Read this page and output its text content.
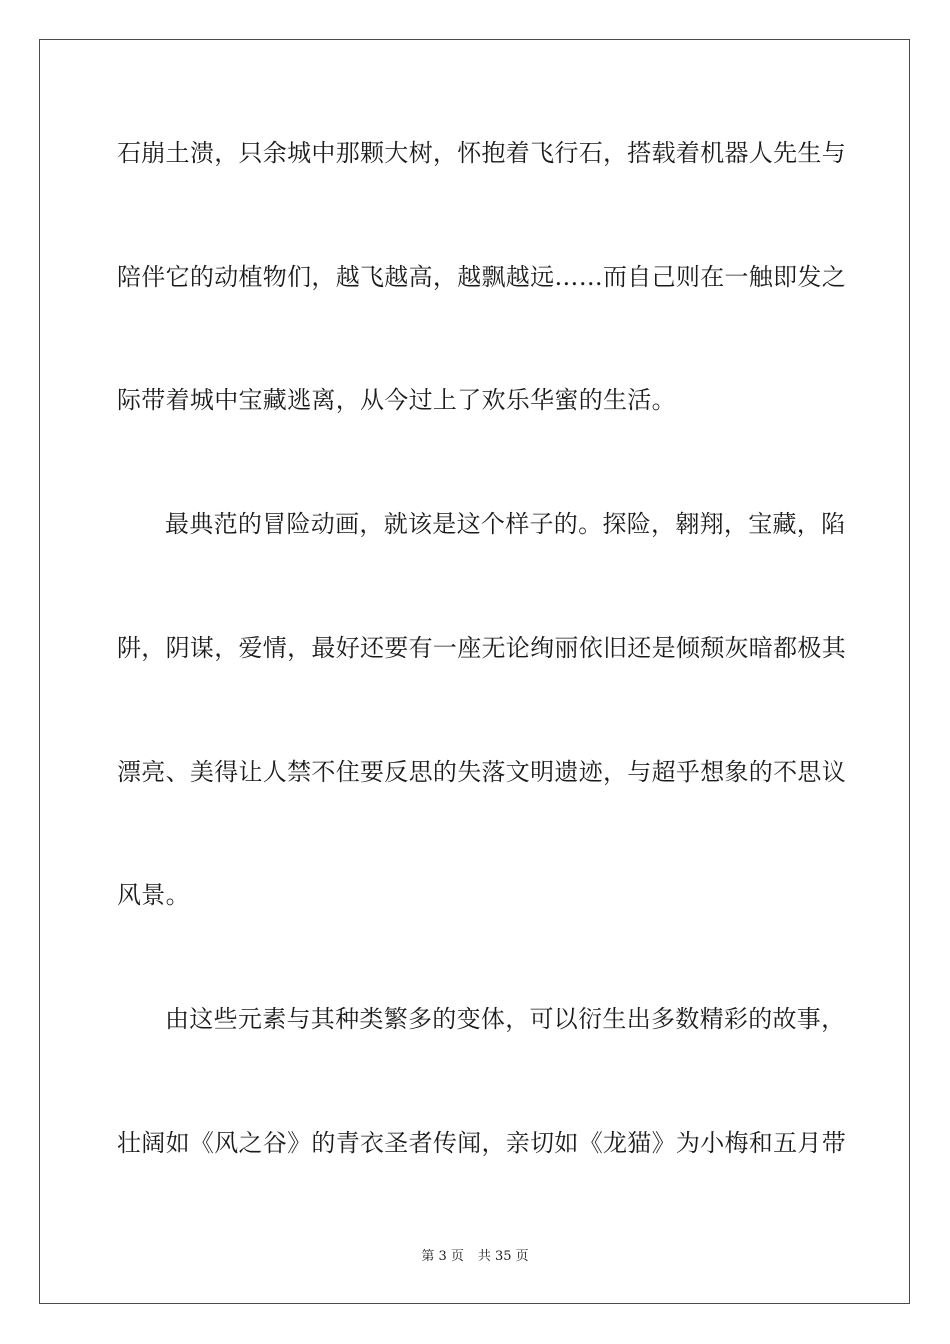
石崩土溃，只余城中那颗大树，怀抱着飞行石，搭载着机器人先生与
陪伴它的动植物们，越飞越高，越飘越远……而自己则在一触即发之
际带着城中宝藏逃离，从今过上了欢乐华蜜的生活。
最典范的冒险动画，就该是这个样子的。探险，翱翔，宝藏，陷
阱，阴谋，爱情，最好还要有一座无论绚丽依旧还是倾颓灰暗都极其
漂亮、美得让人禁不住要反思的失落文明遗迹，与超乎想象的不思议
风景。
由这些元素与其种类繁多的变体，可以衍生出多数精彩的故事，
壮阔如《风之谷》的青衣圣者传闻，亲切如《龙猫》为小梅和五月带
第 3 页 共 35 页
